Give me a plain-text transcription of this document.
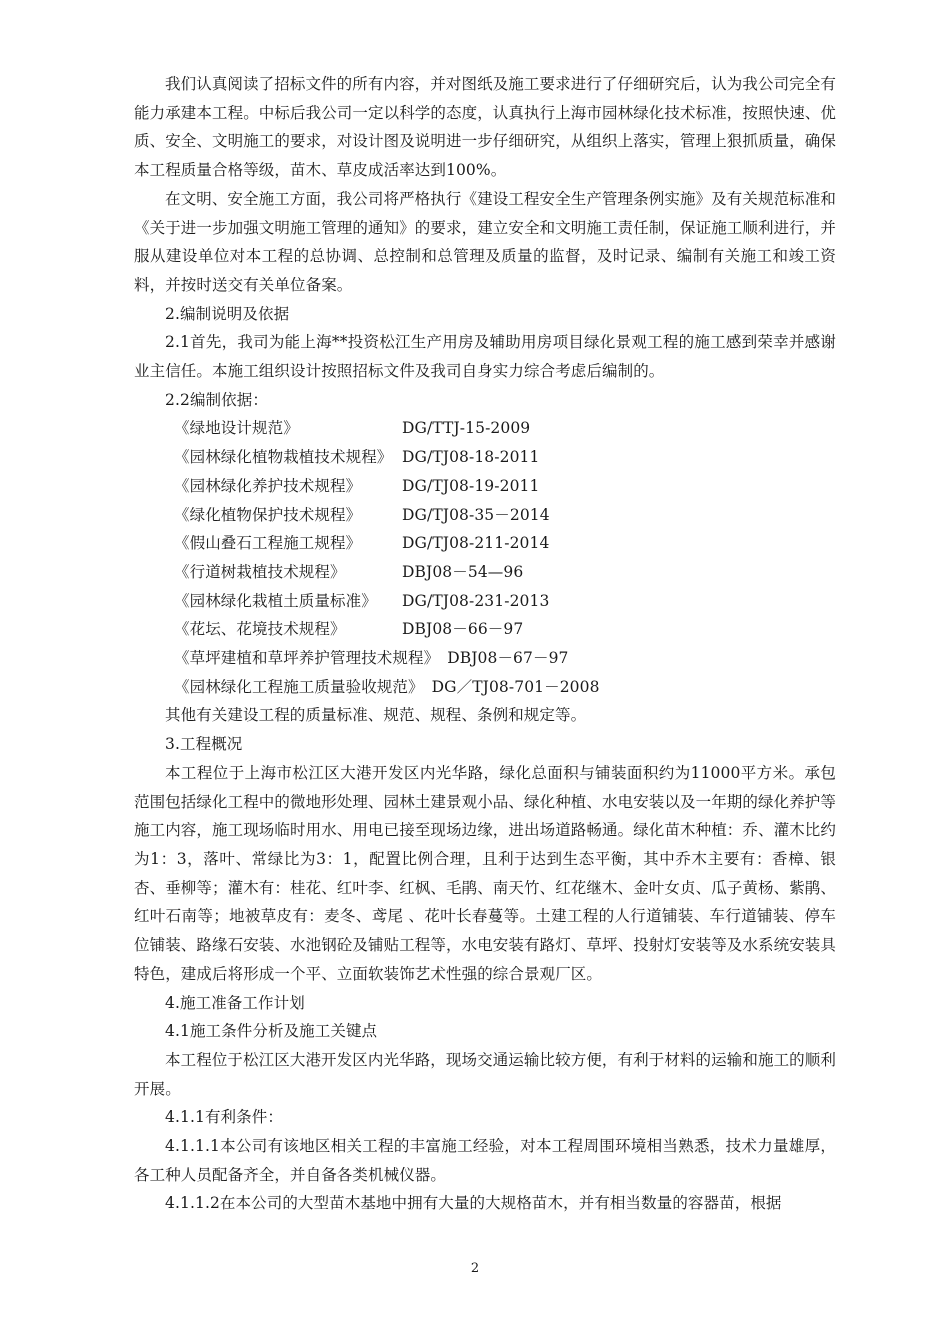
我们认真阅读了招标文件的所有内容，并对图纸及施工要求进行了仔细研究后，认为我公司完全有能力承建本工程。中标后我公司一定以科学的态度，认真执行上海市园林绿化技术标准，按照快速、优质、安全、文明施工的要求，对设计图及说明进一步仔细研究，从组织上落实，管理上狠抓质量，确保本工程质量合格等级，苗木、草皮成活率达到100%。

在文明、安全施工方面，我公司将严格执行《建设工程安全生产管理条例实施》及有关规范标准和《关于进一步加强文明施工管理的通知》的要求，建立安全和文明施工责任制，保证施工顺利进行，并服从建设单位对本工程的总协调、总控制和总管理及质量的监督，及时记录、编制有关施工和竣工资料，并按时送交有关单位备案。

2.编制说明及依据

2.1首先，我司为能上海**投资松江生产用房及辅助用房项目绿化景观工程的施工感到荣幸并感谢业主信任。本施工组织设计按照招标文件及我司自身实力综合考虑后编制的。

2.2编制依据：

《绿地设计规范》	DG/TTJ-15-2009
《园林绿化植物栽植技术规程》 DG/TJ08-18-2011
《园林绿化养护技术规程》	DG/TJ08-19-2011
《绿化植物保护技术规程》	DG/TJ08-35－2014
《假山叠石工程施工规程》	DG/TJ08-211-2014
《行道树栽植技术规程》	DBJ08－54—96
《园林绿化栽植土质量标准》	DG/TJ08-231-2013
《花坛、花境技术规程》	DBJ08－66－97
《草坪建植和草坪养护管理技术规程》 DBJ08－67－97
《园林绿化工程施工质量验收规范》 DG／TJ08-701－2008

其他有关建设工程的质量标准、规范、规程、条例和规定等。

3.工程概况

本工程位于上海市松江区大港开发区内光华路，绿化总面积与铺装面积约为11000平方米。承包范围包括绿化工程中的微地形处理、园林土建景观小品、绿化种植、水电安装以及一年期的绿化养护等施工内容，施工现场临时用水、用电已接至现场边缘，进出场道路畅通。绿化苗木种植：乔、灌木比约为1：3，落叶、常绿比为3：1，配置比例合理，且利于达到生态平衡，其中乔木主要有：香樟、银杏、垂柳等；灌木有：桂花、红叶李、红枫、毛鹃、南天竹、红花继木、金叶女贞、瓜子黄杨、紫鹃、红叶石南等；地被草皮有：麦冬、鸢尾 、花叶长春蔓等。土建工程的人行道铺装、车行道铺装、停车位铺装、路缘石安装、水池钢砼及铺贴工程等，水电安装有路灯、草坪、投射灯安装等及水系统安装具特色，建成后将形成一个平、立面软装饰艺术性强的综合景观厂区。

4.施工准备工作计划

4.1施工条件分析及施工关键点

本工程位于松江区大港开发区内光华路，现场交通运输比较方便，有利于材料的运输和施工的顺利开展。

4.1.1有利条件：

4.1.1.1本公司有该地区相关工程的丰富施工经验，对本工程周围环境相当熟悉，技术力量雄厚，各工种人员配备齐全，并自备各类机械仪器。

4.1.1.2在本公司的大型苗木基地中拥有大量的大规格苗木，并有相当数量的容器苗，根据

2
